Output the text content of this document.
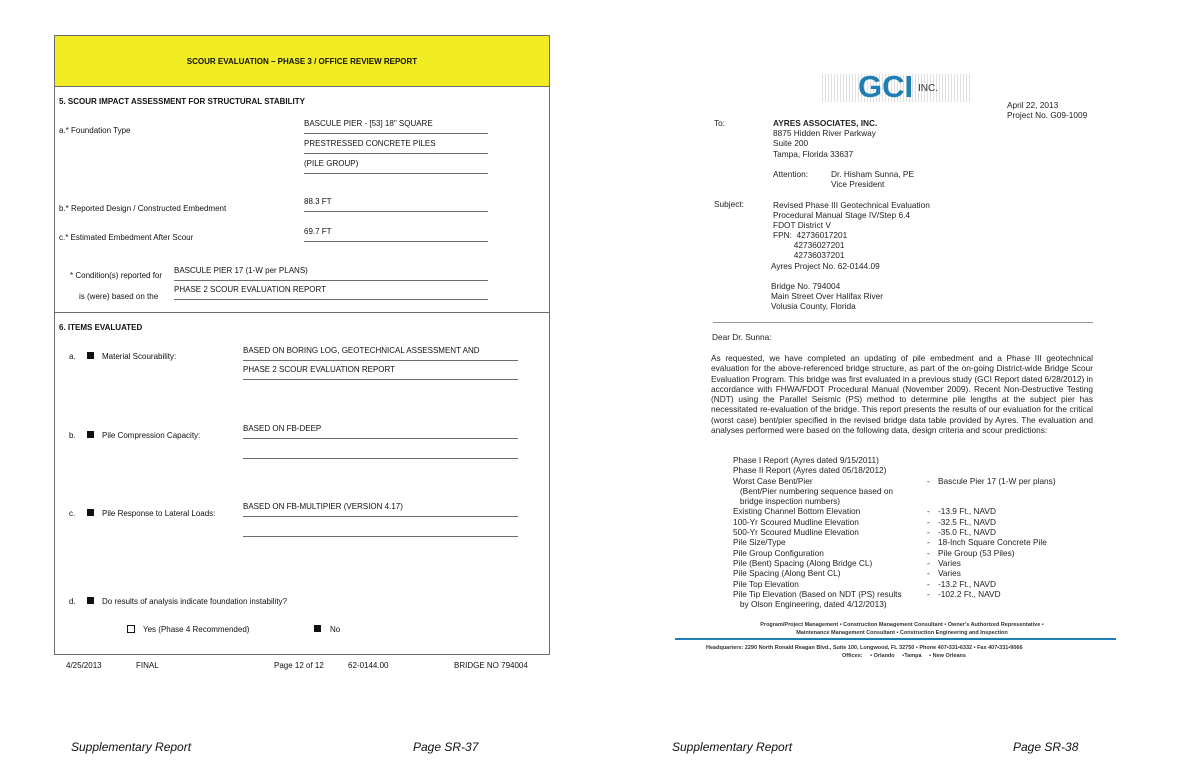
SCOUR EVALUATION – PHASE 3 / OFFICE REVIEW REPORT
5. SCOUR IMPACT ASSESSMENT FOR STRUCTURAL STABILITY
a.* Foundation Type
BASCULE PIER - [53] 18" SQUARE
PRESTRESSED CONCRETE PILES
(PILE GROUP)
b.* Reported Design / Constructed Embedment
88.3 FT
c.* Estimated Embedment After Scour
69.7 FT
* Condition(s) reported for
BASCULE PIER 17 (1-W per PLANS)
is (were) based on the
PHASE 2 SCOUR EVALUATION REPORT
6. ITEMS EVALUATED
a.	Material Scourability:
BASED ON BORING LOG, GEOTECHNICAL ASSESSMENT AND
PHASE 2 SCOUR EVALUATION REPORT
b.	Pile Compression Capacity:
BASED ON FB-DEEP
c.	Pile Response to Lateral Loads:
BASED ON FB-MULTIPIER (VERSION 4.17)
d.	Do results of analysis indicate foundation instability?
Yes (Phase 4 Recommended)	No
4/25/2013	FINAL	Page 12 of 12	62-0144.00	BRIDGE NO 794004
Supplementary Report	Page SR-37
GCI INC.
April 22, 2013
Project No. G09-1009
To:	AYRES ASSOCIATES, INC.
8875 Hidden River Parkway
Suite 200
Tampa, Florida 33637
Attention:	Dr. Hisham Sunna, PE
Vice President
Subject:	Revised Phase III Geotechnical Evaluation
Procedural Manual Stage IV/Step 6.4
FDOT District V
FPN:  42736017201
42736027201
42736037201
Ayres Project No. 62-0144.09
Bridge No. 794004
Main Street Over Halifax River
Volusia County, Florida
Dear Dr. Sunna:
As requested, we have completed an updating of pile embedment and a Phase III geotechnical evaluation for the above-referenced bridge structure, as part of the on-going District-wide Bridge Scour Evaluation Program. This bridge was first evaluated in a previous study (GCI Report dated 6/28/2012) in accordance with FHWA/FDOT Procedural Manual (November 2009). Recent Non-Destructive Testing (NDT) using the Parallel Seismic (PS) method to determine pile lengths at the subject pier has necessitated re-evaluation of the bridge. This report presents the results of our evaluation for the critical (worst case) bent/pier specified in the revised bridge data table provided by Ayres. The evaluation and analyses performed were based on the following data, design criteria and scour predictions:
Phase I Report (Ayres dated 9/15/2011)
Phase II Report (Ayres dated 05/18/2012)
Worst Case Bent/Pier	- Bascule Pier 17 (1-W per plans)
(Bent/Pier numbering sequence based on
bridge inspection numbers)
Existing Channel Bottom Elevation	- -13.9 Ft., NAVD
100-Yr Scoured Mudline Elevation	- -32.5 Ft., NAVD
500-Yr Scoured Mudline Elevation	- -35.0 Ft., NAVD
Pile Size/Type	- 18-Inch Square Concrete Pile
Pile Group Configuration	- Pile Group (53 Piles)
Pile (Bent) Spacing (Along Bridge CL)	- Varies
Pile Spacing (Along Bent CL)	- Varies
Pile Top Elevation	- -13.2 Ft., NAVD
Pile Tip Elevation (Based on NDT (PS) results	- -102.2 Ft., NAVD
by Olson Engineering, dated 4/12/2013)
Program/Project Management • Construction Management Consultant • Owner's Authorized Representative •
Maintenance Management Consultant • Construction Engineering and Inspection
Headquarters: 2290 North Ronald Reagan Blvd., Suite 100, Longwood, FL 32750 • Phone 407•331•6332 • Fax 407•331•9066
Offices:     • Orlando     •Tampa     • New Orleans
Supplementary Report	Page SR-38
